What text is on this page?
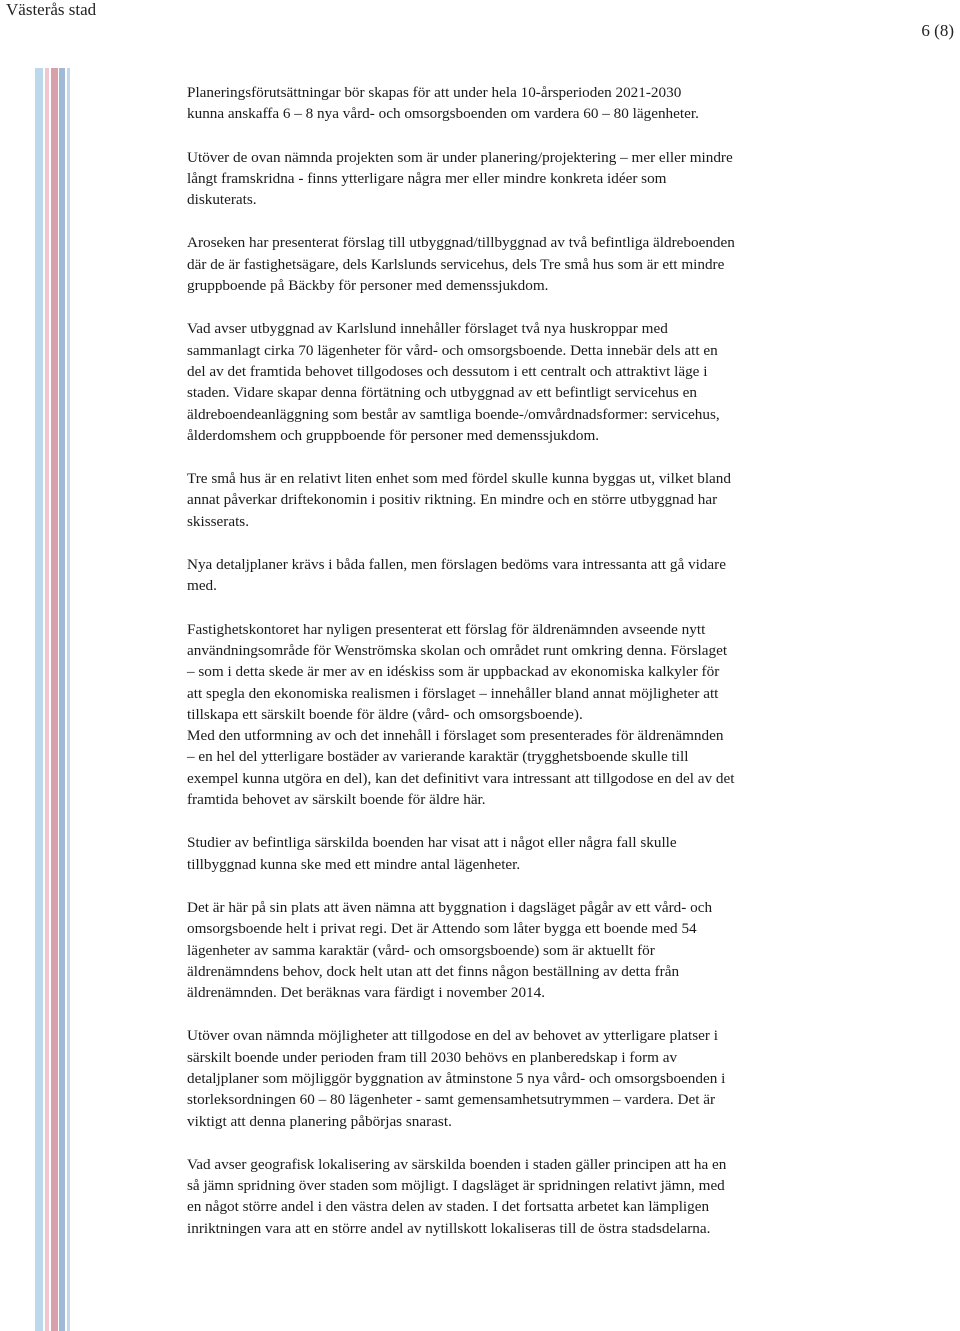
Västerås stad
6 (8)

Planeringsförutsättningar bör skapas för att under hela 10-årsperioden 2021-2030
kunna anskaffa 6 – 8 nya vård- och omsorgsboenden om vardera 60 – 80 lägenheter.

Utöver de ovan nämnda projekten som är under planering/projektering – mer eller mindre
långt framskridna - finns ytterligare några mer eller mindre konkreta idéer som
diskuterats.

Aroseken har presenterat förslag till utbyggnad/tillbyggnad av två befintliga äldreboenden
där de är fastighetsägare, dels Karlslunds servicehus, dels Tre små hus som är ett mindre
gruppboende på Bäckby för personer med demenssjukdom.

Vad avser utbyggnad av Karlslund innehåller förslaget två nya huskroppar med
sammanlagt cirka 70 lägenheter för vård- och omsorgsboende. Detta innebär dels att en
del av det framtida behovet tillgodoses och dessutom i ett centralt och attraktivt läge i
staden. Vidare skapar denna förtätning och utbyggnad av ett befintligt servicehus en
äldreboendeanläggning som består av samtliga boende-/omvårdnadsformer: servicehus,
ålderdomshem och gruppboende för personer med demenssjukdom.

Tre små hus är en relativt liten enhet som med fördel skulle kunna byggas ut, vilket bland
annat påverkar driftekonomin i positiv riktning. En mindre och en större utbyggnad har
skisserats.

Nya detaljplaner krävs i båda fallen, men förslagen bedöms vara intressanta att gå vidare
med.

Fastighetskontoret har nyligen presenterat ett förslag för äldrenämnden avseende nytt
användningsområde för Wenströmska skolan och området runt omkring denna. Förslaget
– som i detta skede är mer av en idéskiss som är uppbackad av ekonomiska kalkyler för
att spegla den ekonomiska realismen i förslaget – innehåller bland annat möjligheter att
tillskapa ett särskilt boende för äldre (vård- och omsorgsboende).

Med den utformning av och det innehåll i förslaget som presenterades för äldrenämnden
– en hel del ytterligare bostäder av varierande karaktär (trygghetsboende skulle till
exempel kunna utgöra en del), kan det definitivt vara intressant att tillgodose en del av det
framtida behovet av särskilt boende för äldre här.

Studier av befintliga särskilda boenden har visat att i något eller några fall skulle
tillbyggnad kunna ske med ett mindre antal lägenheter.

Det är här på sin plats att även nämna att byggnation i dagsläget pågår av ett vård- och
omsorgsboende helt i privat regi. Det är Attendo som låter bygga ett boende med 54
lägenheter av samma karaktär (vård- och omsorgsboende) som är aktuellt för
äldrenämndens behov, dock helt utan att det finns någon beställning av detta från
äldrenämnden. Det beräknas vara färdigt i november 2014.

Utöver ovan nämnda möjligheter att tillgodose en del av behovet av ytterligare platser i
särskilt boende under perioden fram till 2030 behövs en planberedskap i form av
detaljplaner som möjliggör byggnation av åtminstone 5 nya vård- och omsorgsboenden i
storleksordningen 60 – 80 lägenheter - samt gemensamhetsutrymmen – vardera. Det är
viktigt att denna planering påbörjas snarast.

Vad avser geografisk lokalisering av särskilda boenden i staden gäller principen att ha en
så jämn spridning över staden som möjligt. I dagsläget är spridningen relativt jämn, med
en något större andel i den västra delen av staden. I det fortsatta arbetet kan lämpligen
inriktningen vara att en större andel av nytillskott lokaliseras till de östra stadsdelarna.
